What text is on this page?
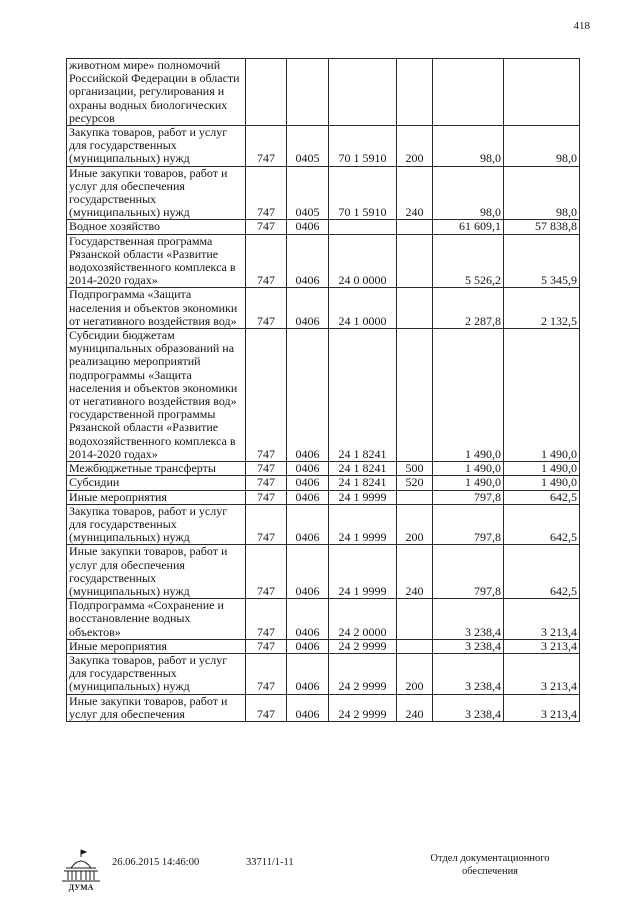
418
животном мире» полномочий Российской Федерации в области организации, регулирования и охраны водных биологических ресурсов						
Закупка товаров, работ и услуг для государственных (муниципальных) нужд	747	0405	70 1 5910	200	98,0	98,0
Иные закупки товаров, работ и услуг для обеспечения государственных (муниципальных) нужд	747	0405	70 1 5910	240	98,0	98,0
Водное хозяйство	747	0406			61 609,1	57 838,8
Государственная программа Рязанской области «Развитие водохозяйственного комплекса в 2014-2020 годах»	747	0406	24 0 0000		5 526,2	5 345,9
Подпрограмма «Защита населения и объектов экономики от негативного воздействия вод»	747	0406	24 1 0000		2 287,8	2 132,5
Субсидии бюджетам муниципальных образований на реализацию мероприятий подпрограммы «Защита населения и объектов экономики от негативного воздействия вод» государственной программы Рязанской области «Развитие водохозяйственного комплекса в 2014-2020 годах»	747	0406	24 1 8241		1 490,0	1 490,0
Межбюджетные трансферты	747	0406	24 1 8241	500	1 490,0	1 490,0
Субсидии	747	0406	24 1 8241	520	1 490,0	1 490,0
Иные мероприятия	747	0406	24 1 9999		797,8	642,5
Закупка товаров, работ и услуг для государственных (муниципальных) нужд	747	0406	24 1 9999	200	797,8	642,5
Иные закупки товаров, работ и услуг для обеспечения государственных (муниципальных) нужд	747	0406	24 1 9999	240	797,8	642,5
Подпрограмма «Сохранение и восстановление водных объектов»	747	0406	24 2 0000		3 238,4	3 213,4
Иные мероприятия	747	0406	24 2 9999		3 238,4	3 213,4
Закупка товаров, работ и услуг для государственных (муниципальных) нужд	747	0406	24 2 9999	200	3 238,4	3 213,4
Иные закупки товаров, работ и услуг для обеспечения	747	0406	24 2 9999	240	3 238,4	3 213,4
ДУМА
26.06.2015 14:46:00	33711/1-11	Отдел документационного
обеспечения
